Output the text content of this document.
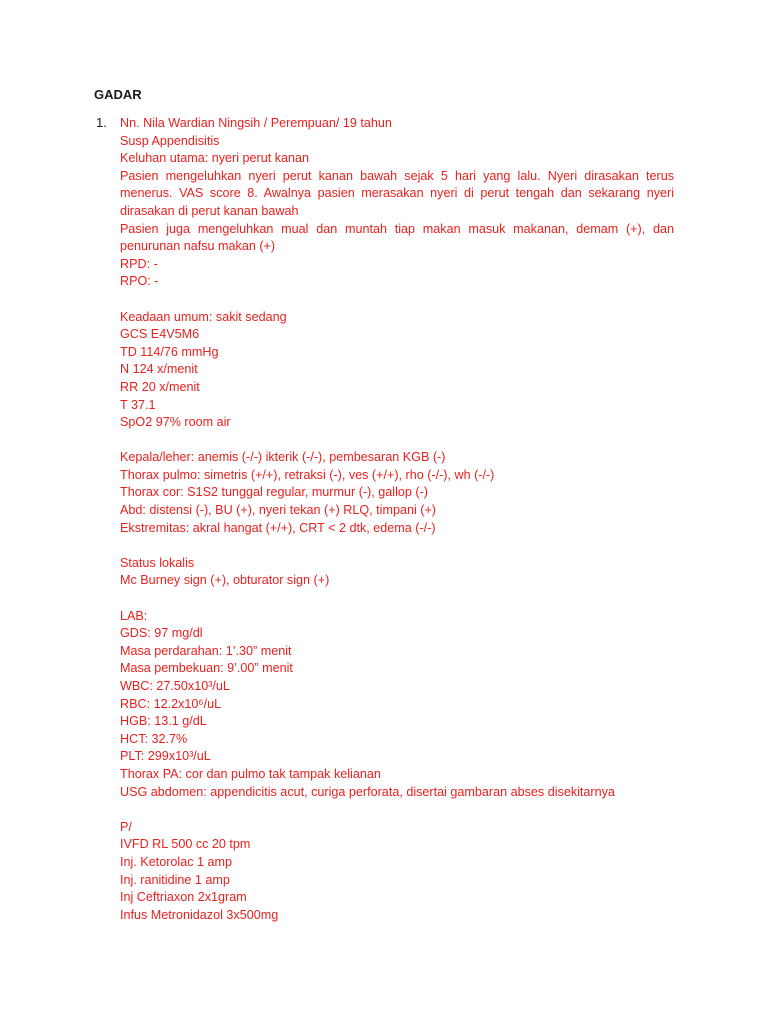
GADAR
1. Nn. Nila Wardian Ningsih / Perempuan/ 19 tahun
Susp Appendisitis
Keluhan utama: nyeri perut kanan
Pasien mengeluhkan nyeri perut kanan bawah sejak 5 hari yang lalu. Nyeri dirasakan terus
menerus. VAS score 8. Awalnya pasien merasakan nyeri di perut tengah dan sekarang nyeri
dirasakan di perut kanan bawah
Pasien juga mengeluhkan mual dan muntah tiap makan masuk makanan, demam (+), dan
penurunan nafsu makan (+)
RPD: -
RPO: -
Keadaan umum: sakit sedang
GCS E4V5M6
TD 114/76 mmHg
N 124 x/menit
RR 20 x/menit
T 37.1
SpO2 97% room air
Kepala/leher: anemis (-/-) ikterik (-/-), pembesaran KGB (-)
Thorax pulmo: simetris (+/+), retraksi (-), ves (+/+), rho (-/-), wh (-/-)
Thorax cor: S1S2 tunggal regular, murmur (-), gallop (-)
Abd: distensi (-), BU (+), nyeri tekan (+) RLQ, timpani (+)
Ekstremitas: akral hangat (+/+), CRT < 2 dtk, edema (-/-)
Status lokalis
Mc Burney sign (+), obturator sign (+)
LAB:
GDS: 97 mg/dl
Masa perdarahan: 1’.30” menit
Masa pembekuan: 9’.00” menit
WBC: 27.50x10³/uL
RBC: 12.2x10⁶/uL
HGB: 13.1 g/dL
HCT: 32.7%
PLT: 299x10³/uL
Thorax PA: cor dan pulmo tak tampak kelianan
USG abdomen: appendicitis acut, curiga perforata, disertai gambaran abses disekitarnya
P/
IVFD RL 500 cc 20 tpm
Inj. Ketorolac 1 amp
Inj. ranitidine 1 amp
Inj Ceftriaxon 2x1gram
Infus Metronidazol 3x500mg
